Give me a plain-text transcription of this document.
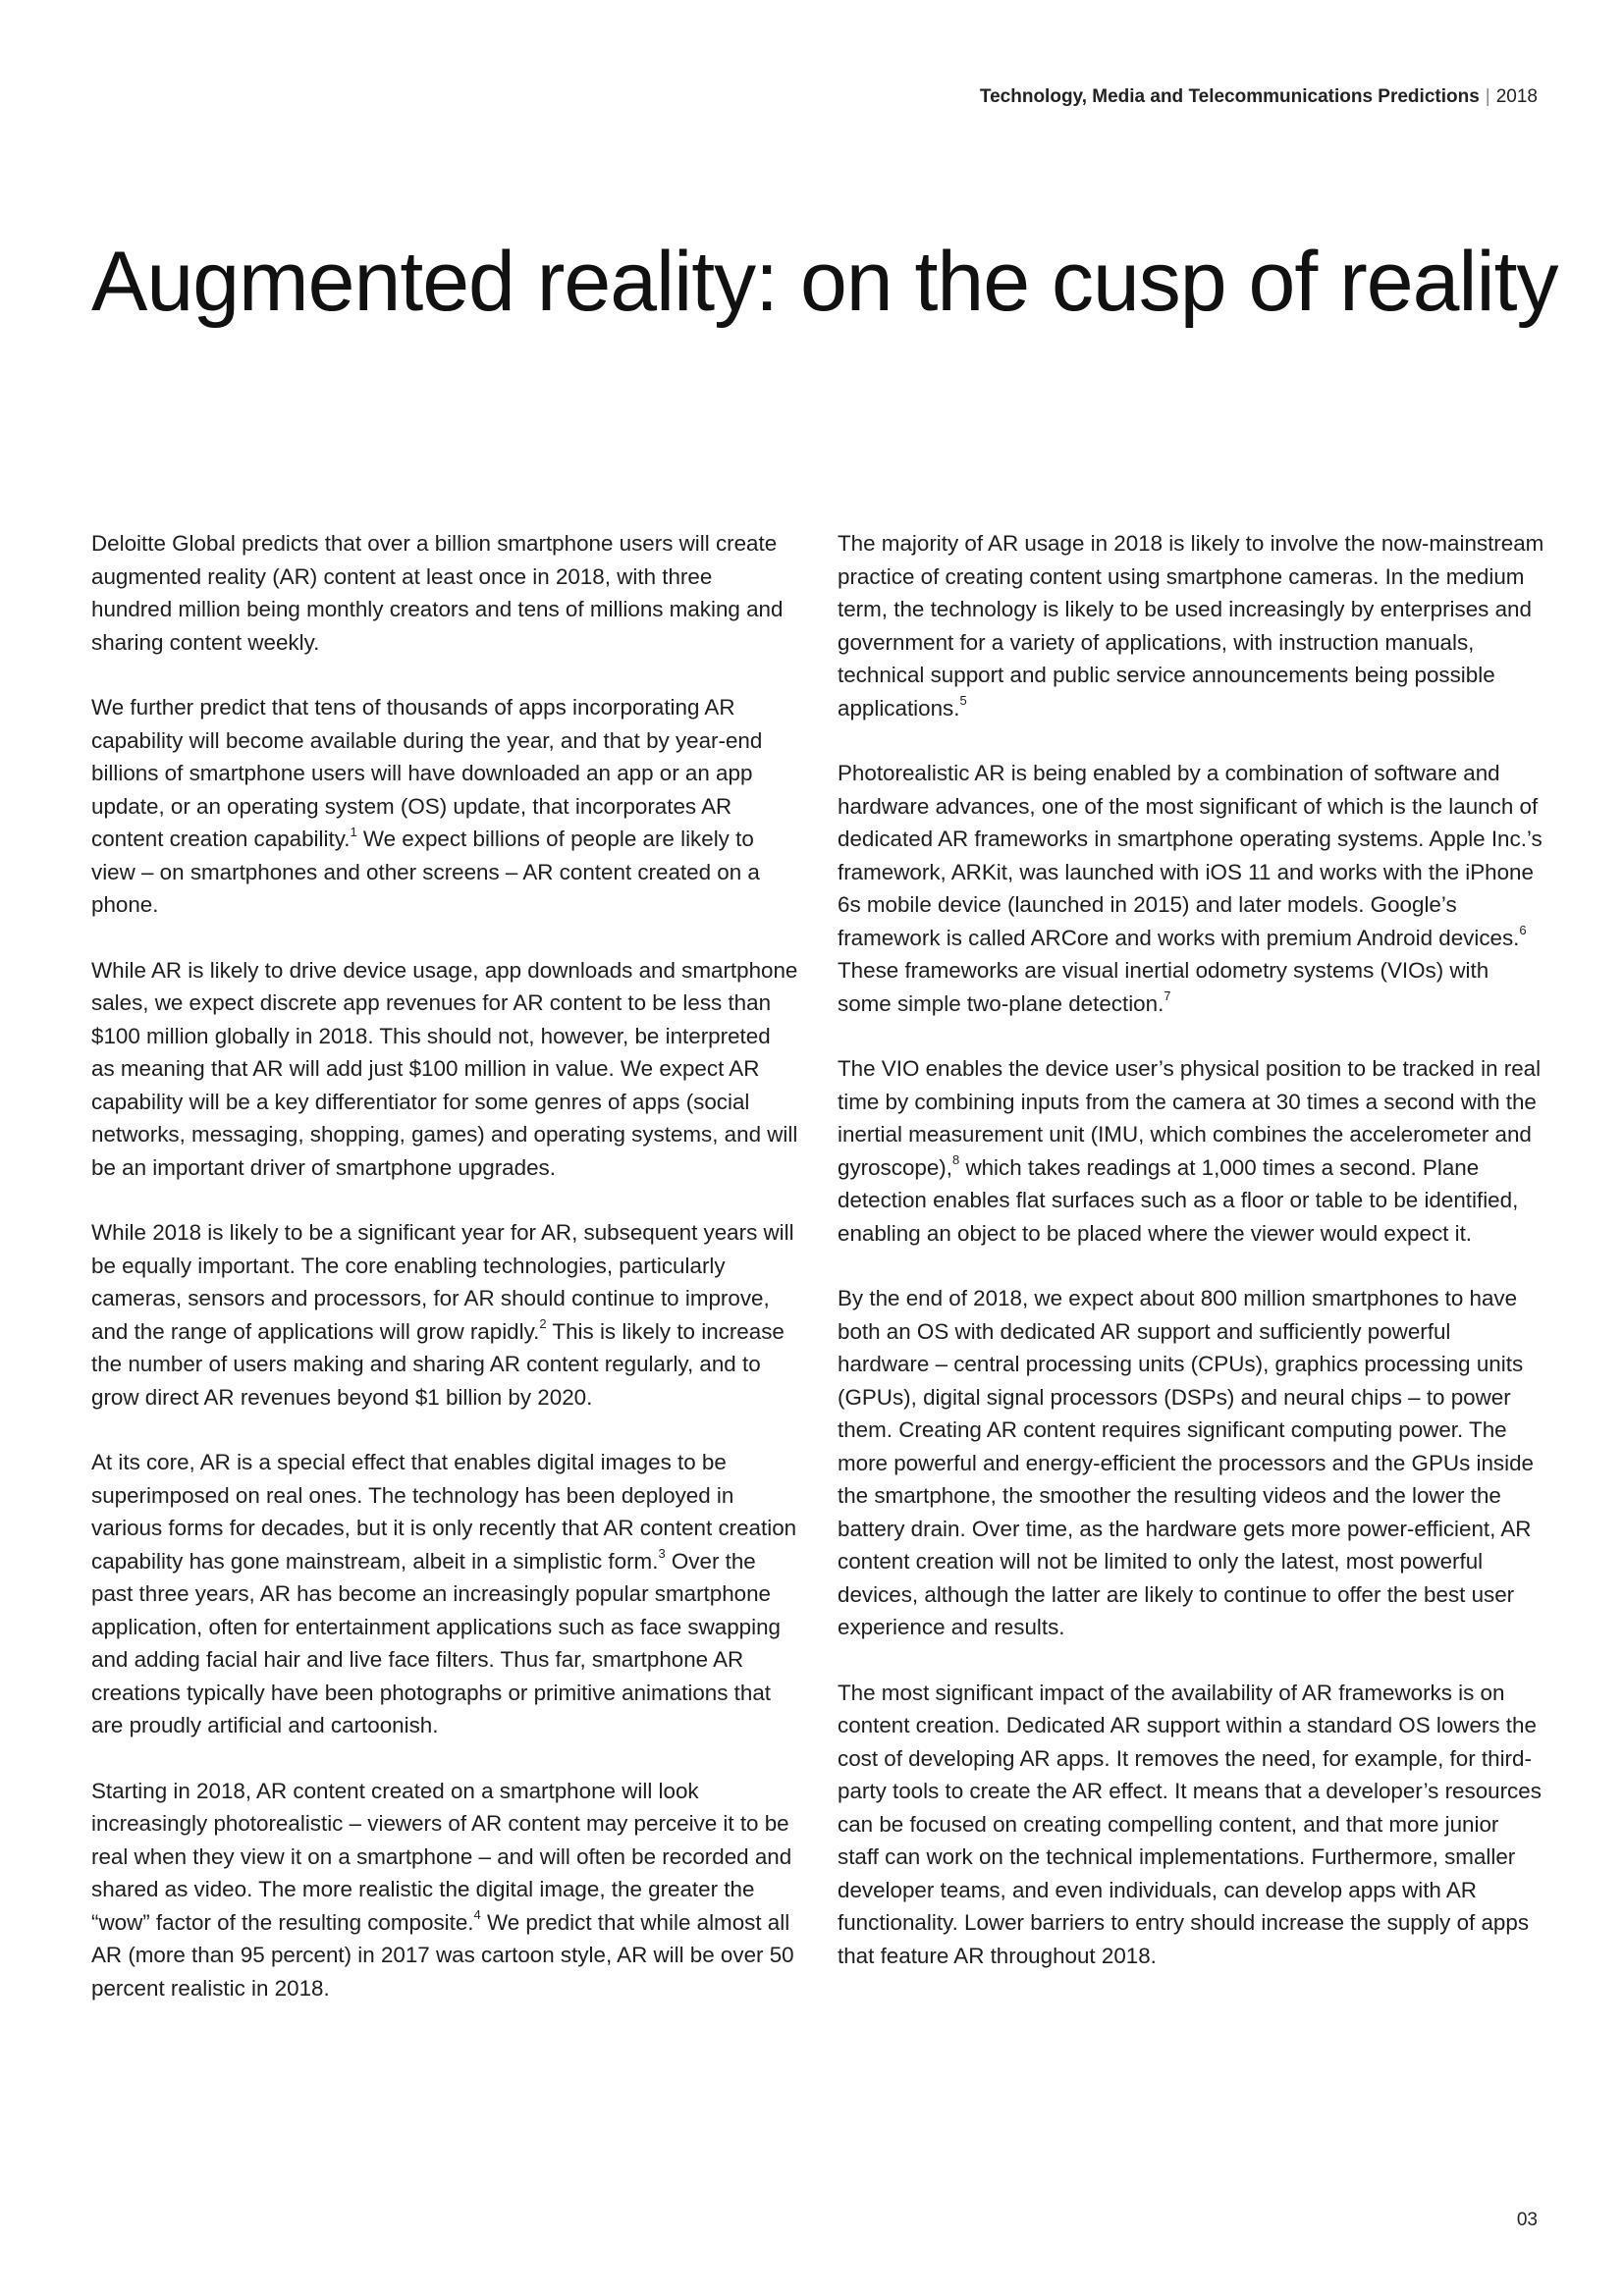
Technology, Media and Telecommunications Predictions | 2018
Augmented reality: on the cusp of reality

Deloitte Global predicts that over a billion smartphone users will create augmented reality (AR) content at least once in 2018, with three hundred million being monthly creators and tens of millions making and sharing content weekly.

We further predict that tens of thousands of apps incorporating AR capability will become available during the year, and that by year-end billions of smartphone users will have downloaded an app or an app update, or an operating system (OS) update, that incorporates AR content creation capability.$^1$ We expect billions of people are likely to view – on smartphones and other screens – AR content created on a phone.

While AR is likely to drive device usage, app downloads and smartphone sales, we expect discrete app revenues for AR content to be less than $100 million globally in 2018. This should not, however, be interpreted as meaning that AR will add just $100 million in value. We expect AR capability will be a key differentiator for some genres of apps (social networks, messaging, shopping, games) and operating systems, and will be an important driver of smartphone upgrades.

While 2018 is likely to be a significant year for AR, subsequent years will be equally important. The core enabling technologies, particularly cameras, sensors and processors, for AR should continue to improve, and the range of applications will grow rapidly.$^2$ This is likely to increase the number of users making and sharing AR content regularly, and to grow direct AR revenues beyond $1 billion by 2020.

At its core, AR is a special effect that enables digital images to be superimposed on real ones. The technology has been deployed in various forms for decades, but it is only recently that AR content creation capability has gone mainstream, albeit in a simplistic form.$^3$ Over the past three years, AR has become an increasingly popular smartphone application, often for entertainment applications such as face swapping and adding facial hair and live face filters. Thus far, smartphone AR creations typically have been photographs or primitive animations that are proudly artificial and cartoonish.

Starting in 2018, AR content created on a smartphone will look increasingly photorealistic – viewers of AR content may perceive it to be real when they view it on a smartphone – and will often be recorded and shared as video. The more realistic the digital image, the greater the “wow” factor of the resulting composite.$^4$ We predict that while almost all AR (more than 95 percent) in 2017 was cartoon style, AR will be over 50 percent realistic in 2018.

The majority of AR usage in 2018 is likely to involve the now-mainstream practice of creating content using smartphone cameras. In the medium term, the technology is likely to be used increasingly by enterprises and government for a variety of applications, with instruction manuals, technical support and public service announcements being possible applications.$^5$

Photorealistic AR is being enabled by a combination of software and hardware advances, one of the most significant of which is the launch of dedicated AR frameworks in smartphone operating systems. Apple Inc.’s framework, ARKit, was launched with iOS 11 and works with the iPhone 6s mobile device (launched in 2015) and later models. Google’s framework is called ARCore and works with premium Android devices.$^6$ These frameworks are visual inertial odometry systems (VIOs) with some simple two-plane detection.$^7$

The VIO enables the device user’s physical position to be tracked in real time by combining inputs from the camera at 30 times a second with the inertial measurement unit (IMU, which combines the accelerometer and gyroscope),$^8$ which takes readings at 1,000 times a second. Plane detection enables flat surfaces such as a floor or table to be identified, enabling an object to be placed where the viewer would expect it.

By the end of 2018, we expect about 800 million smartphones to have both an OS with dedicated AR support and sufficiently powerful hardware – central processing units (CPUs), graphics processing units (GPUs), digital signal processors (DSPs) and neural chips – to power them. Creating AR content requires significant computing power. The more powerful and energy-efficient the processors and the GPUs inside the smartphone, the smoother the resulting videos and the lower the battery drain. Over time, as the hardware gets more power-efficient, AR content creation will not be limited to only the latest, most powerful devices, although the latter are likely to continue to offer the best user experience and results.

The most significant impact of the availability of AR frameworks is on content creation. Dedicated AR support within a standard OS lowers the cost of developing AR apps. It removes the need, for example, for third-party tools to create the AR effect. It means that a developer’s resources can be focused on creating compelling content, and that more junior staff can work on the technical implementations. Furthermore, smaller developer teams, and even individuals, can develop apps with AR functionality. Lower barriers to entry should increase the supply of apps that feature AR throughout 2018.

03
